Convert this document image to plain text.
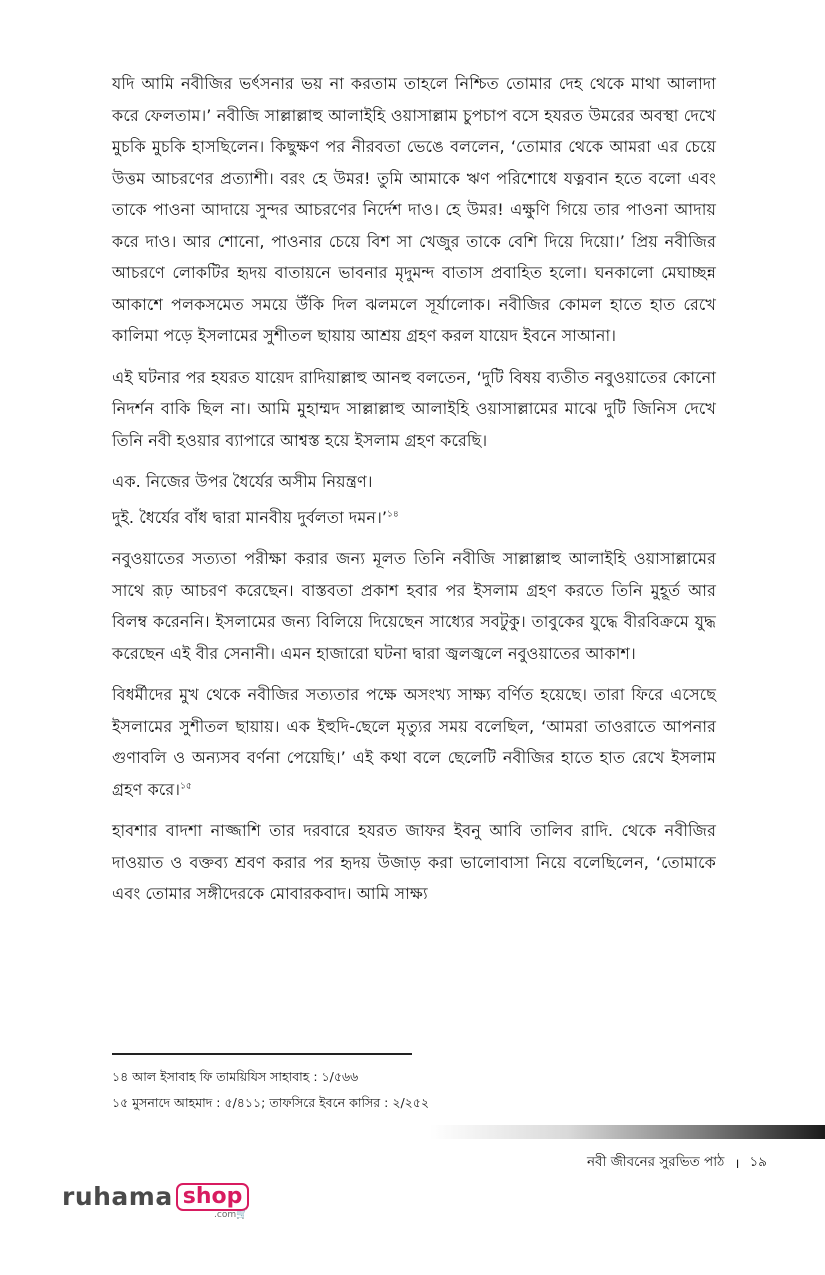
যদি আমি নবীজির ভর্ৎসনার ভয় না করতাম তাহলে নিশ্চিত তোমার দেহ থেকে মাথা আলাদা করে ফেলতাম।’ নবীজি সাল্লাল্লাহু আলাইহি ওয়াসাল্লাম চুপচাপ বসে হযরত উমরের অবস্থা দেখে মুচকি মুচকি হাসছিলেন। কিছুক্ষণ পর নীরবতা ভেঙে বললেন, ‘তোমার থেকে আমরা এর চেয়ে উত্তম আচরণের প্রত্যাশী। বরং হে উমর! তুমি আমাকে ঋণ পরিশোধে যত্নবান হতে বলো এবং তাকে পাওনা আদায়ে সুন্দর আচরণের নির্দেশ দাও। হে উমর! এক্ষুণি গিয়ে তার পাওনা আদায় করে দাও। আর শোনো, পাওনার চেয়ে বিশ সা খেজুর তাকে বেশি দিয়ে দিয়ো।’ প্রিয় নবীজির আচরণে লোকটির হৃদয় বাতায়নে ভাবনার মৃদুমন্দ বাতাস প্রবাহিত হলো। ঘনকালো মেঘাচ্ছন্ন আকাশে পলকসমেত সময়ে উঁকি দিল ঝলমলে সূর্যালোক। নবীজির কোমল হাতে হাত রেখে কালিমা পড়ে ইসলামের সুশীতল ছায়ায় আশ্রয় গ্রহণ করল যায়েদ ইবনে সাআনা।

এই ঘটনার পর হযরত যায়েদ রাদিয়াল্লাহু আনহু বলতেন, ‘দুটি বিষয় ব্যতীত নবুওয়াতের কোনো নিদর্শন বাকি ছিল না। আমি মুহাম্মদ সাল্লাল্লাহু আলাইহি ওয়াসাল্লামের মাঝে দুটি জিনিস দেখে তিনি নবী হওয়ার ব্যাপারে আশ্বস্ত হয়ে ইসলাম গ্রহণ করেছি।

এক. নিজের উপর ধৈর্যের অসীম নিয়ন্ত্রণ।

দুই. ধৈর্যের বাঁধ দ্বারা মানবীয় দুর্বলতা দমন।’$^{১৪}$

নবুওয়াতের সত্যতা পরীক্ষা করার জন্য মূলত তিনি নবীজি সাল্লাল্লাহু আলাইহি ওয়াসাল্লামের সাথে রূঢ় আচরণ করেছেন। বাস্তবতা প্রকাশ হবার পর ইসলাম গ্রহণ করতে তিনি মুহূর্ত আর বিলম্ব করেননি। ইসলামের জন্য বিলিয়ে দিয়েছেন সাধ্যের সবটুকু। তাবুকের যুদ্ধে বীরবিক্রমে যুদ্ধ করেছেন এই বীর সেনানী। এমন হাজারো ঘটনা দ্বারা জ্বলজ্বলে নবুওয়াতের আকাশ।

বিধর্মীদের মুখ থেকে নবীজির সত্যতার পক্ষে অসংখ্য সাক্ষ্য বর্ণিত হয়েছে। তারা ফিরে এসেছে ইসলামের সুশীতল ছায়ায়। এক ইহুদি-ছেলে মৃত্যুর সময় বলেছিল, ‘আমরা তাওরাতে আপনার গুণাবলি ও অন্যসব বর্ণনা পেয়েছি।’ এই কথা বলে ছেলেটি নবীজির হাতে হাত রেখে ইসলাম গ্রহণ করে।$^{১৫}$

হাবশার বাদশা নাজ্জাশি তার দরবারে হযরত জাফর ইবনু আবি তালিব রাদি. থেকে নবীজির দাওয়াত ও বক্তব্য শ্রবণ করার পর হৃদয় উজাড় করা ভালোবাসা নিয়ে বলেছিলেন, ‘তোমাকে এবং তোমার সঙ্গীদেরকে মোবারকবাদ। আমি সাক্ষ্য

১৪ আল ইসাবাহ ফি তাময়িযিস সাহাবাহ : ১/৫৬৬
১৫ মুসনাদে আহমাদ : ৫/৪১১; তাফসিরে ইবনে কাসির : ২/২৫২
নবী জীবনের সুরভিত পাঠ । ১৯
ruhama shop
.com🛒
